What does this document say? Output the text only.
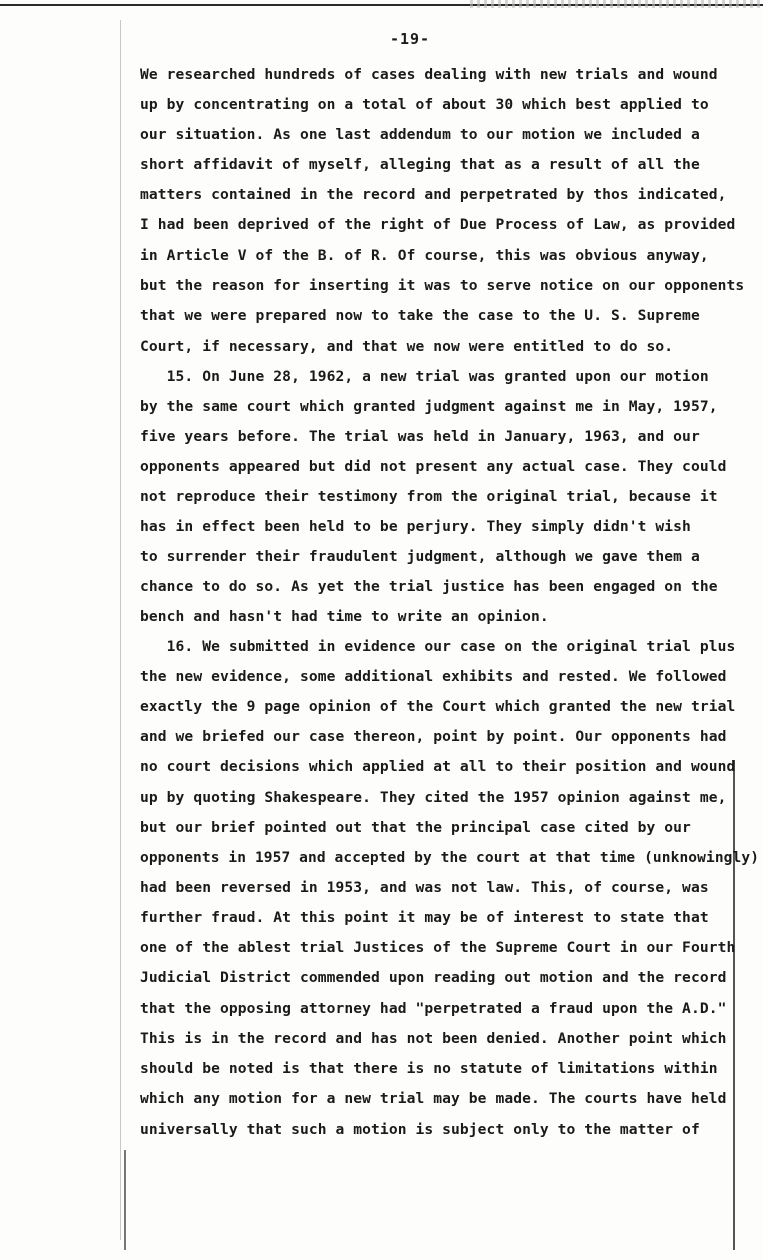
-19-
We researched hundreds of cases dealing with new trials and wound
up by concentrating on a total of about 30 which best applied to
our situation. As one last addendum to our motion we included a
short affidavit of myself, alleging that as a result of all the
matters contained in the record and perpetrated by thos indicated,
I had been deprived of the right of Due Process of Law, as provided
in Article V of the B. of R. Of course, this was obvious anyway,
but the reason for inserting it was to serve notice on our opponents
that we were prepared now to take the case to the U. S. Supreme
Court, if necessary, and that we now were entitled to do so.
15. On June 28, 1962, a new trial was granted upon our motion
by the same court which granted judgment against me in May, 1957,
five years before. The trial was held in January, 1963, and our
opponents appeared but did not present any actual case. They could
not reproduce their testimony from the original trial, because it
has in effect been held to be perjury. They simply didn't wish
to surrender their fraudulent judgment, although we gave them a
chance to do so. As yet the trial justice has been engaged on the
bench and hasn't had time to write an opinion.
16. We submitted in evidence our case on the original trial plus
the new evidence, some additional exhibits and rested. We followed
exactly the 9 page opinion of the Court which granted the new trial
and we briefed our case thereon, point by point. Our opponents had
no court decisions which applied at all to their position and wound
up by quoting Shakespeare. They cited the 1957 opinion against me,
but our brief pointed out that the principal case cited by our
opponents in 1957 and accepted by the court at that time (unknowingly)
had been reversed in 1953, and was not law. This, of course, was
further fraud. At this point it may be of interest to state that
one of the ablest trial Justices of the Supreme Court in our Fourth
Judicial District commended upon reading out motion and the record
that the opposing attorney had "perpetrated a fraud upon the A.D."
This is in the record and has not been denied. Another point which
should be noted is that there is no statute of limitations within
which any motion for a new trial may be made. The courts have held
universally that such a motion is subject only to the matter of
